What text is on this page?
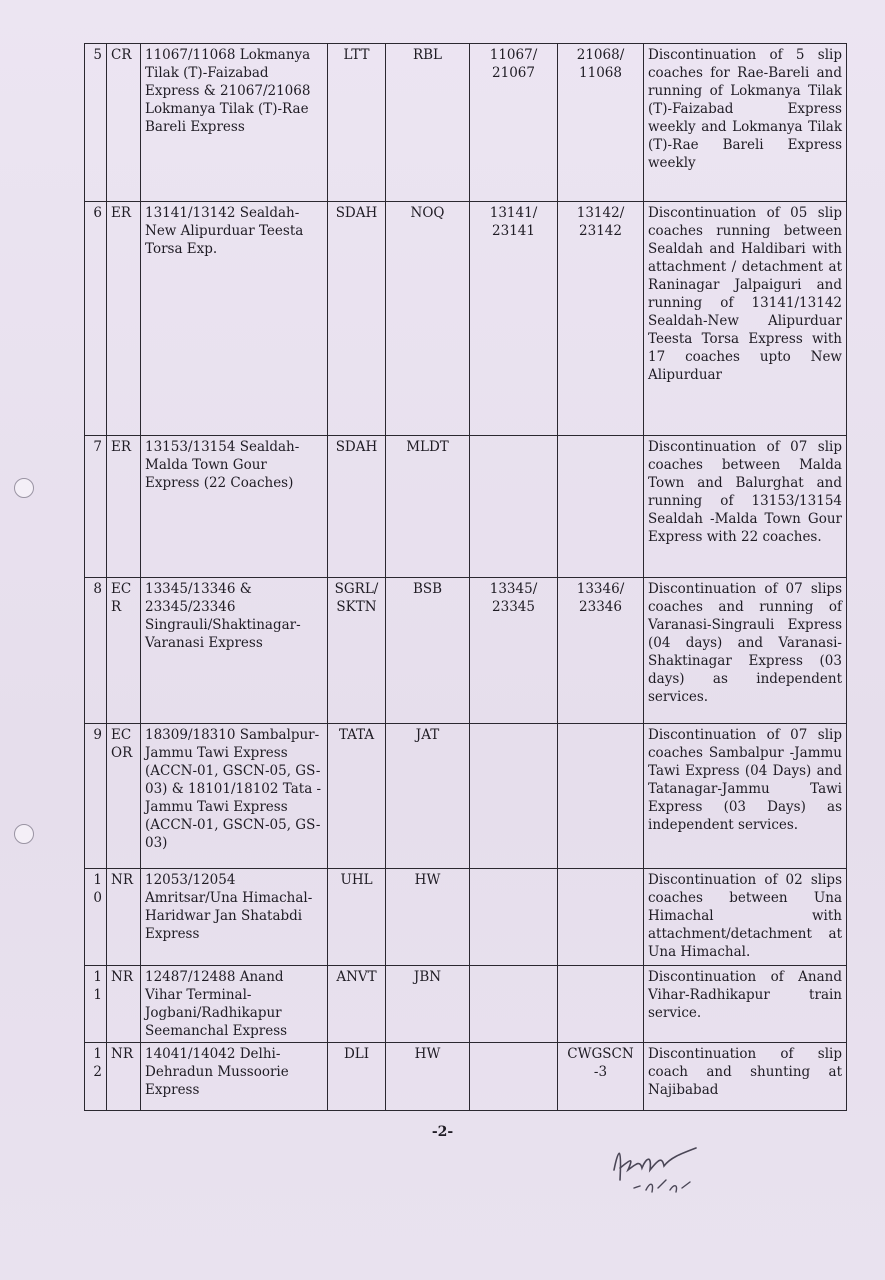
5	CR	11067/11068 Lokmanya Tilak (T)-Faizabad Express & 21067/21068 Lokmanya Tilak (T)-Rae Bareli Express	LTT	RBL	11067/ 21067	21068/ 11068	Discontinuation of 5 slip coaches for Rae-Bareli and running of Lokmanya Tilak (T)-Faizabad Express weekly and Lokmanya Tilak (T)-Rae Bareli Express weekly
6	ER	13141/13142 Sealdah-New Alipurduar Teesta Torsa Exp.	SDAH	NOQ	13141/ 23141	13142/ 23142	Discontinuation of 05 slip coaches running between Sealdah and Haldibari with attachment / detachment at Raninagar Jalpaiguri and running of 13141/13142 Sealdah-New Alipurduar Teesta Torsa Express with 17 coaches upto New Alipurduar
7	ER	13153/13154 Sealdah-Malda Town Gour Express (22 Coaches)	SDAH	MLDT			Discontinuation of 07 slip coaches between Malda Town and Balurghat and running of 13153/13154 Sealdah -Malda Town Gour Express with 22 coaches.
8	EC R	13345/13346 & 23345/23346 Singrauli/Shaktinagar-Varanasi Express	SGRL/ SKTN	BSB	13345/ 23345	13346/ 23346	Discontinuation of 07 slips coaches and running of Varanasi-Singrauli Express (04 days) and Varanasi-Shaktinagar Express (03 days) as independent services.
9	EC OR	18309/18310 Sambalpur-Jammu Tawi Express (ACCN-01, GSCN-05, GS-03) & 18101/18102 Tata - Jammu Tawi Express (ACCN-01, GSCN-05, GS-03)	TATA	JAT			Discontinuation of 07 slip coaches Sambalpur -Jammu Tawi Express (04 Days) and Tatanagar-Jammu Tawi Express (03 Days) as independent services.
10	NR	12053/12054 Amritsar/Una Himachal-Haridwar Jan Shatabdi Express	UHL	HW			Discontinuation of 02 slips coaches between Una Himachal with attachment/detachment at Una Himachal.
11	NR	12487/12488 Anand Vihar Terminal-Jogbani/Radhikapur Seemanchal Express	ANVT	JBN			Discontinuation of Anand Vihar-Radhikapur train service.
12	NR	14041/14042 Delhi-Dehradun Mussoorie Express	DLI	HW		CWGSCN -3	Discontinuation of slip coach and shunting at Najibabad
-2-
